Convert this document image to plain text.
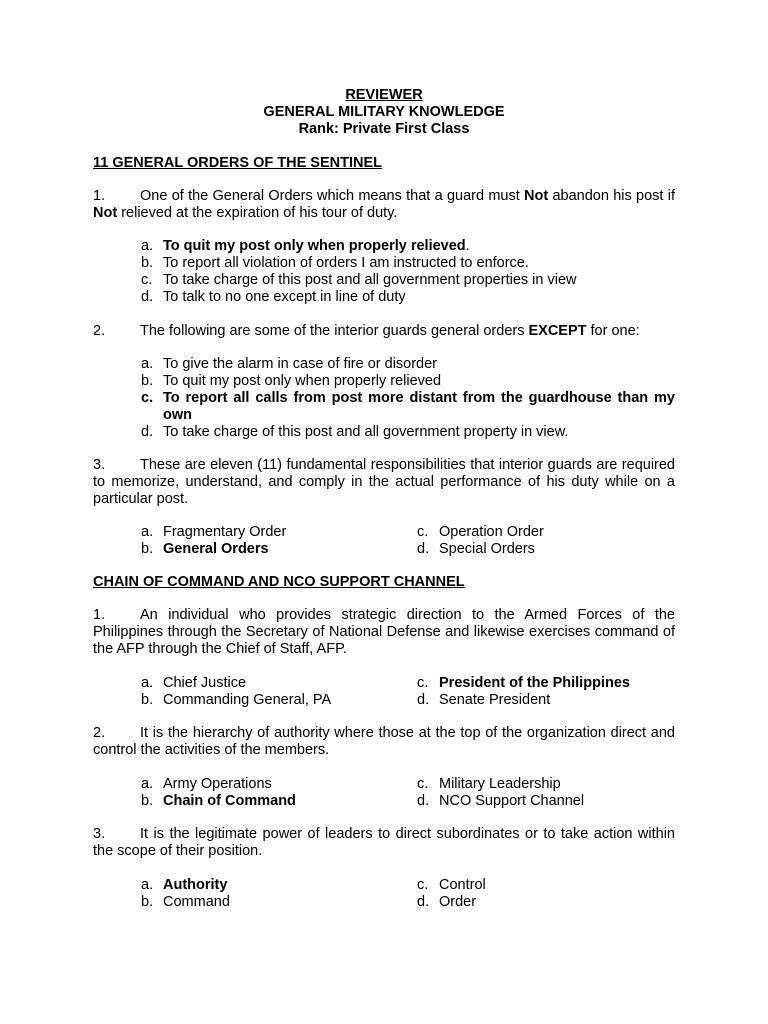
REVIEWER
GENERAL MILITARY KNOWLEDGE
Rank: Private First Class
11 GENERAL ORDERS OF THE SENTINEL
1. One of the General Orders which means that a guard must Not abandon his post if Not relieved at the expiration of his tour of duty.
a. To quit my post only when properly relieved.
b. To report all violation of orders I am instructed to enforce.
c. To take charge of this post and all government properties in view
d. To talk to no one except in line of duty
2. The following are some of the interior guards general orders EXCEPT for one:
a. To give the alarm in case of fire or disorder
b. To quit my post only when properly relieved
c. To report all calls from post more distant from the guardhouse than my own
d. To take charge of this post and all government property in view.
3. These are eleven (11) fundamental responsibilities that interior guards are required to memorize, understand, and comply in the actual performance of his duty while on a particular post.
a. Fragmentary Order	c. Operation Order
b. General Orders	d. Special Orders
CHAIN OF COMMAND AND NCO SUPPORT CHANNEL
1. An individual who provides strategic direction to the Armed Forces of the Philippines through the Secretary of National Defense and likewise exercises command of the AFP through the Chief of Staff, AFP.
a. Chief Justice	c. President of the Philippines
b. Commanding General, PA	d. Senate President
2. It is the hierarchy of authority where those at the top of the organization direct and control the activities of the members.
a. Army Operations	c. Military Leadership
b. Chain of Command	d. NCO Support Channel
3. It is the legitimate power of leaders to direct subordinates or to take action within the scope of their position.
a. Authority	c. Control
b. Command	d. Order
